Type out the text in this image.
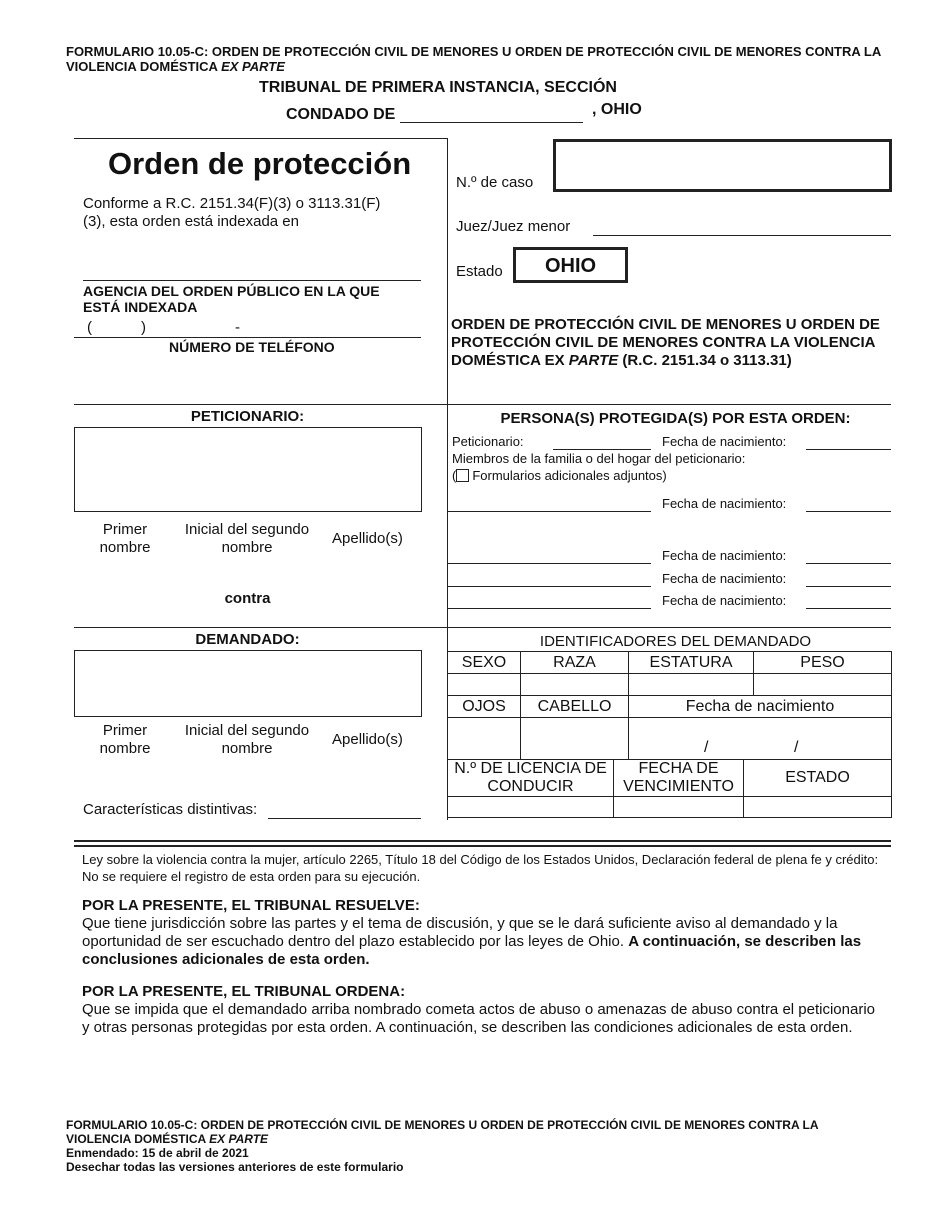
FORMULARIO 10.05-C: ORDEN DE PROTECCIÓN CIVIL DE MENORES U ORDEN DE PROTECCIÓN CIVIL DE MENORES CONTRA LA
VIOLENCIA DOMÉSTICA EX PARTE
TRIBUNAL DE PRIMERA INSTANCIA, SECCIÓN
CONDADO DE	, OHIO
Orden de protección
Conforme a R.C. 2151.34(F)(3) o 3113.31(F)(3), esta orden está indexada en
AGENCIA DEL ORDEN PÚBLICO EN LA QUE ESTÁ INDEXADA
(	)	-
NÚMERO DE TELÉFONO
N.º de caso
Juez/Juez menor
Estado	OHIO
ORDEN DE PROTECCIÓN CIVIL DE MENORES U ORDEN DE PROTECCIÓN CIVIL DE MENORES CONTRA LA VIOLENCIA DOMÉSTICA EX PARTE (R.C. 2151.34 o 3113.31)
PETICIONARIO:
Primer nombre
Inicial del segundo nombre
Apellido(s)
contra
PERSONA(S) PROTEGIDA(S) POR ESTA ORDEN:
Peticionario:	Fecha de nacimiento:
Miembros de la familia o del hogar del peticionario:
( Formularios adicionales adjuntos)
Fecha de nacimiento:
Fecha de nacimiento:
Fecha de nacimiento:
Fecha de nacimiento:
DEMANDADO:
Primer nombre
Inicial del segundo nombre
Apellido(s)
Características distintivas:
IDENTIFICADORES DEL DEMANDADO
SEXO	RAZA	ESTATURA	PESO

OJOS	CABELLO	Fecha de nacimiento	

		/ /	
N.º DE LICENCIA DE CONDUCIR	FECHA DE VENCIMIENTO	ESTADO

Ley sobre la violencia contra la mujer, artículo 2265, Título 18 del Código de los Estados Unidos, Declaración federal de plena fe y crédito: No se requiere el registro de esta orden para su ejecución.
POR LA PRESENTE, EL TRIBUNAL RESUELVE:
Que tiene jurisdicción sobre las partes y el tema de discusión, y que se le dará suficiente aviso al demandado y la oportunidad de ser escuchado dentro del plazo establecido por las leyes de Ohio. A continuación, se describen las conclusiones adicionales de esta orden.
POR LA PRESENTE, EL TRIBUNAL ORDENA:
Que se impida que el demandado arriba nombrado cometa actos de abuso o amenazas de abuso contra el peticionario y otras personas protegidas por esta orden. A continuación, se describen las condiciones adicionales de esta orden.
FORMULARIO 10.05-C: ORDEN DE PROTECCIÓN CIVIL DE MENORES U ORDEN DE PROTECCIÓN CIVIL DE MENORES CONTRA LA
VIOLENCIA DOMÉSTICA EX PARTE
Enmendado: 15 de abril de 2021
Desechar todas las versiones anteriores de este formulario
